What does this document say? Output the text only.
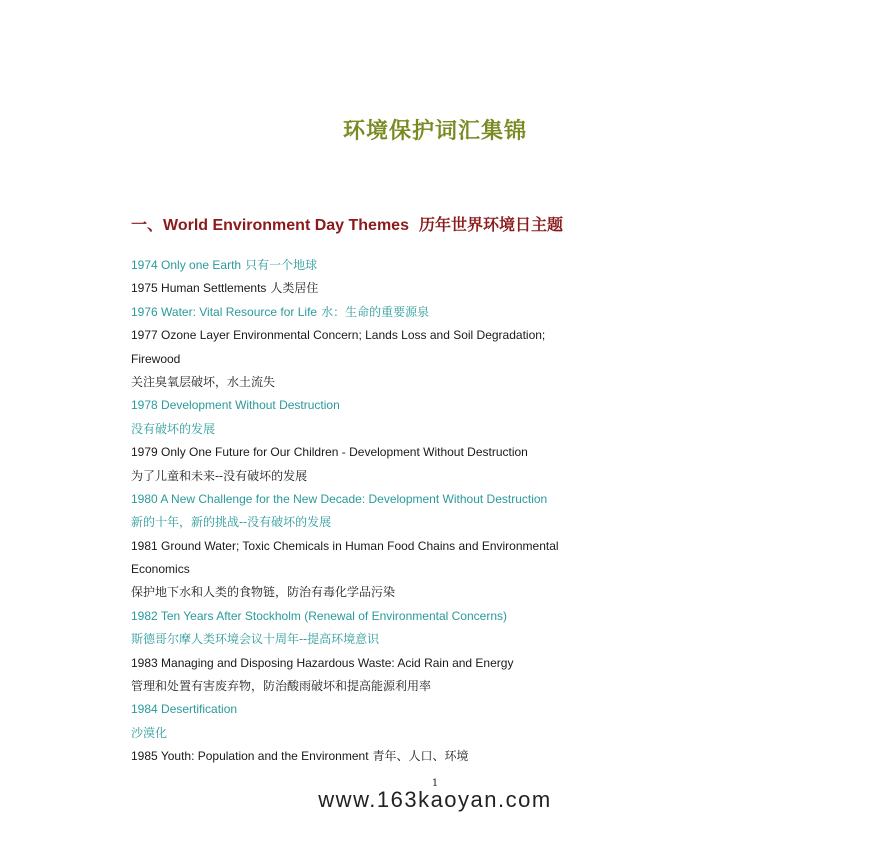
环境保护词汇集锦
一、World Environment Day Themes 历年世界环境日主题
1974 Only one Earth 只有一个地球
1975 Human Settlements 人类居住
1976 Water: Vital Resource for Life 水：生命的重要源泉
1977 Ozone Layer Environmental Concern; Lands Loss and Soil Degradation;
Firewood
关注臭氧层破坏，水土流失
1978 Development Without Destruction
没有破坏的发展
1979 Only One Future for Our Children - Development Without Destruction
为了儿童和未来--没有破坏的发展
1980 A New Challenge for the New Decade: Development Without Destruction
新的十年，新的挑战--没有破坏的发展
1981 Ground Water; Toxic Chemicals in Human Food Chains and Environmental
Economics
保护地下水和人类的食物链，防治有毒化学品污染
1982 Ten Years After Stockholm (Renewal of Environmental Concerns)
斯德哥尔摩人类环境会议十周年--提高环境意识
1983 Managing and Disposing Hazardous Waste: Acid Rain and Energy
管理和处置有害废弃物，防治酸雨破坏和提高能源利用率
1984 Desertification
沙漠化
1985 Youth: Population and the Environment 青年、人口、环境
1
www.163kaoyan.com
